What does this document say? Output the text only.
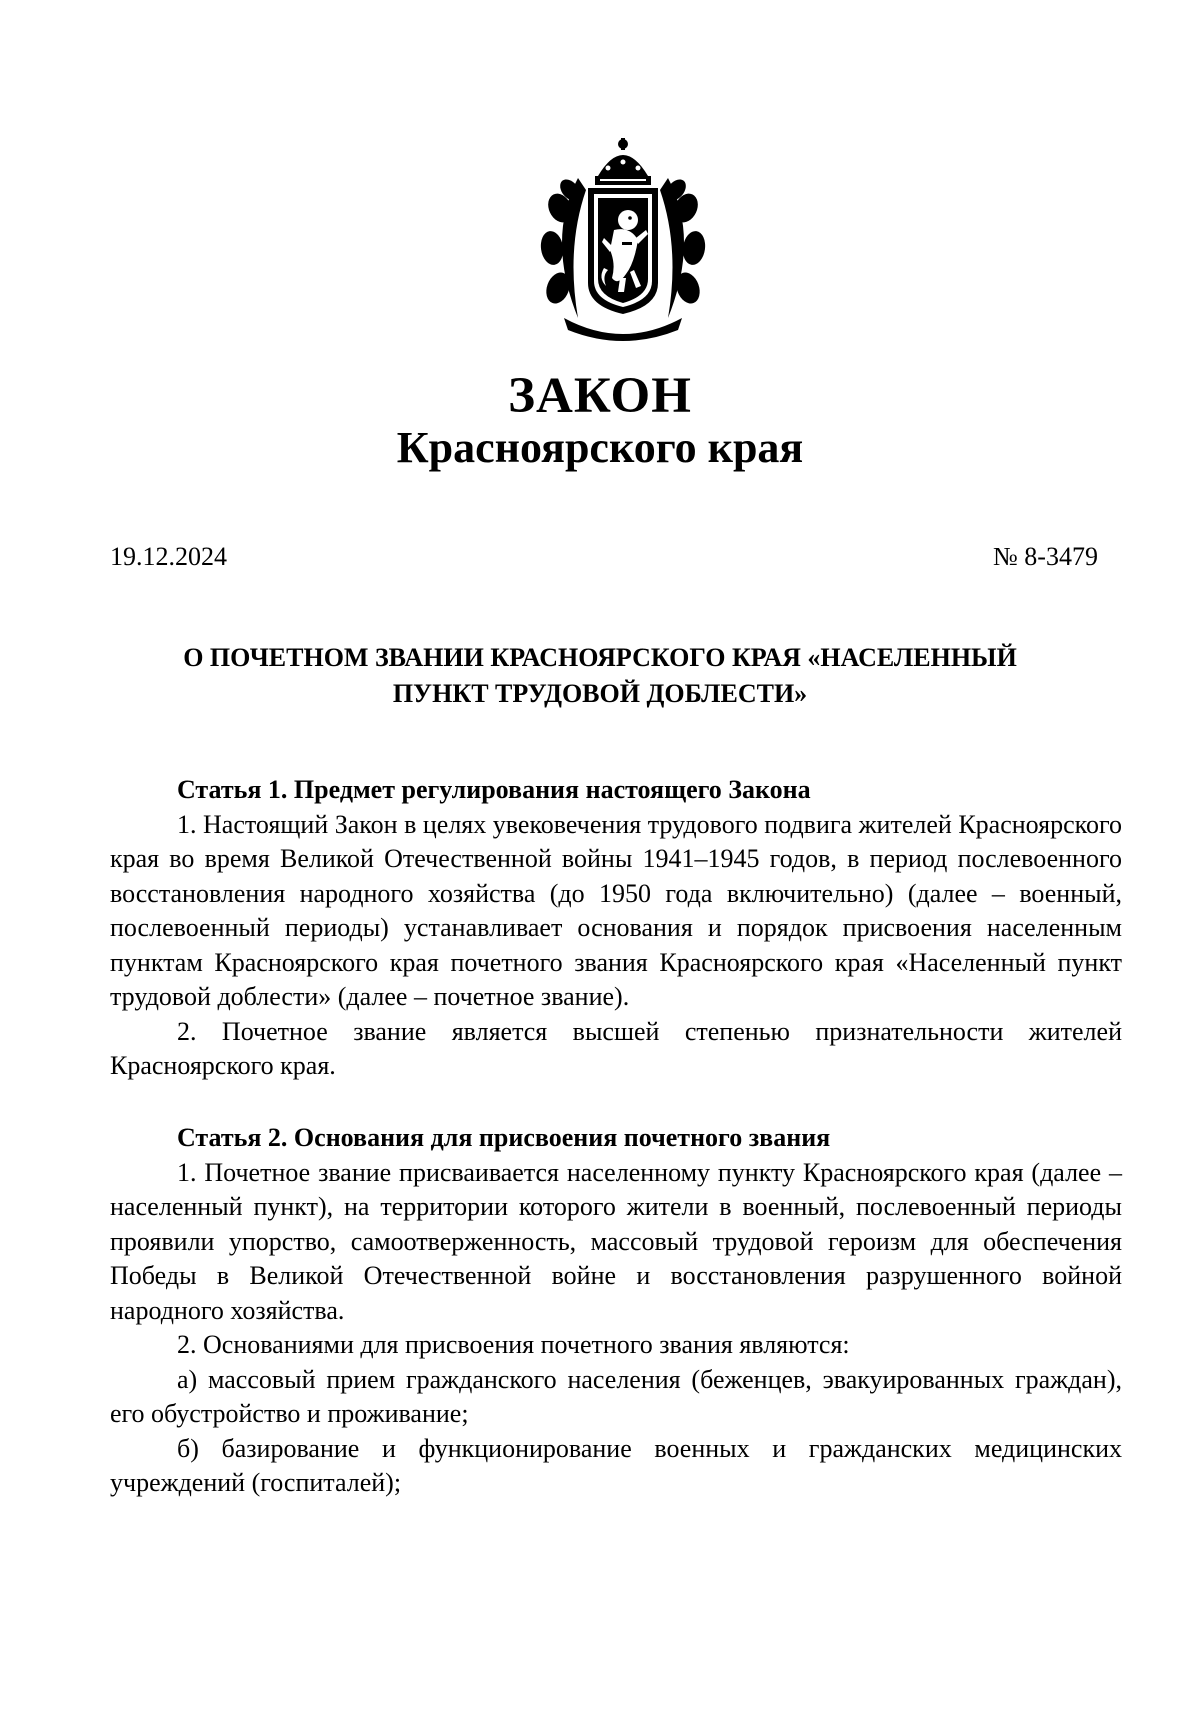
ЗАКОН
Красноярского края
19.12.2024	№ 8-3479
О ПОЧЕТНОМ ЗВАНИИ КРАСНОЯРСКОГО КРАЯ «НАСЕЛЕННЫЙ
ПУНКТ ТРУДОВОЙ ДОБЛЕСТИ»

Статья 1. Предмет регулирования настоящего Закона

1. Настоящий Закон в целях увековечения трудового подвига жителей Красноярского края во время Великой Отечественной войны 1941–1945 годов, в период послевоенного восстановления народного хозяйства (до 1950 года включительно) (далее – военный, послевоенный периоды) устанавливает основания и порядок присвоения населенным пунктам Красноярского края почетного звания Красноярского края «Населенный пункт трудовой доблести» (далее – почетное звание).

2. Почетное звание является высшей степенью признательности жителей Красноярского края.

Статья 2. Основания для присвоения почетного звания

1. Почетное звание присваивается населенному пункту Красноярского края (далее – населенный пункт), на территории которого жители в военный, послевоенный периоды проявили упорство, самоотверженность, массовый трудовой героизм для обеспечения Победы в Великой Отечественной войне и восстановления разрушенного войной народного хозяйства.

2. Основаниями для присвоения почетного звания являются:

а) массовый прием гражданского населения (беженцев, эвакуированных граждан), его обустройство и проживание;

б) базирование и функционирование военных и гражданских медицинских учреждений (госпиталей);
